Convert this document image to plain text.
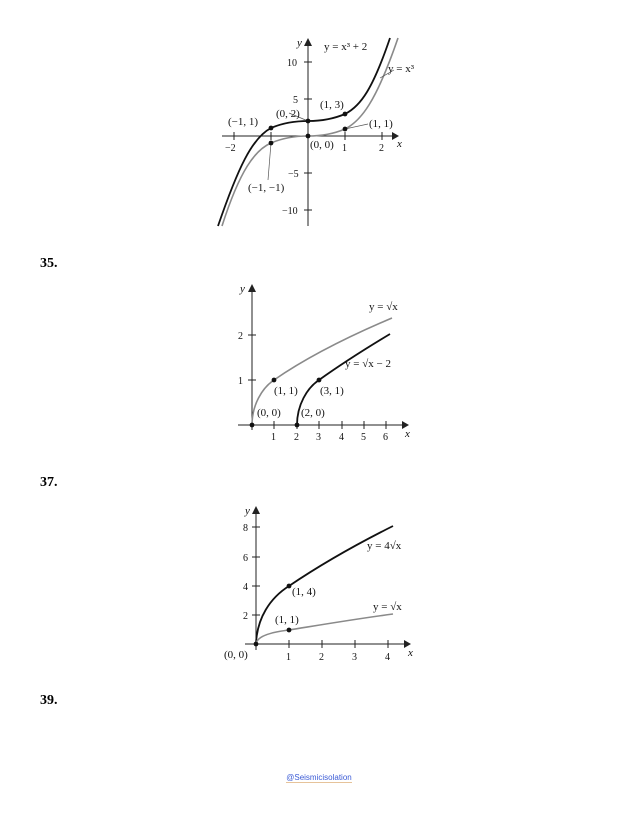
y
x
−2	1	2
10
5
−5
−10
y = x³ + 2
y = x³
(−1, 1)
(0, 2)
(1, 3)
(1, 1)
(0, 0)
(−1, −1)
35.
y
x
2
1
1 2 3 4 5 6
y = √x
y = √x − 2
(1, 1) (3, 1)
(0, 0) (2, 0)
37.
y
x
8
6
4
2
1	2	3	4
y = 4√x
y = √x
(1, 4)
(1, 1)
(0, 0)
39.
@Seismicisolation
